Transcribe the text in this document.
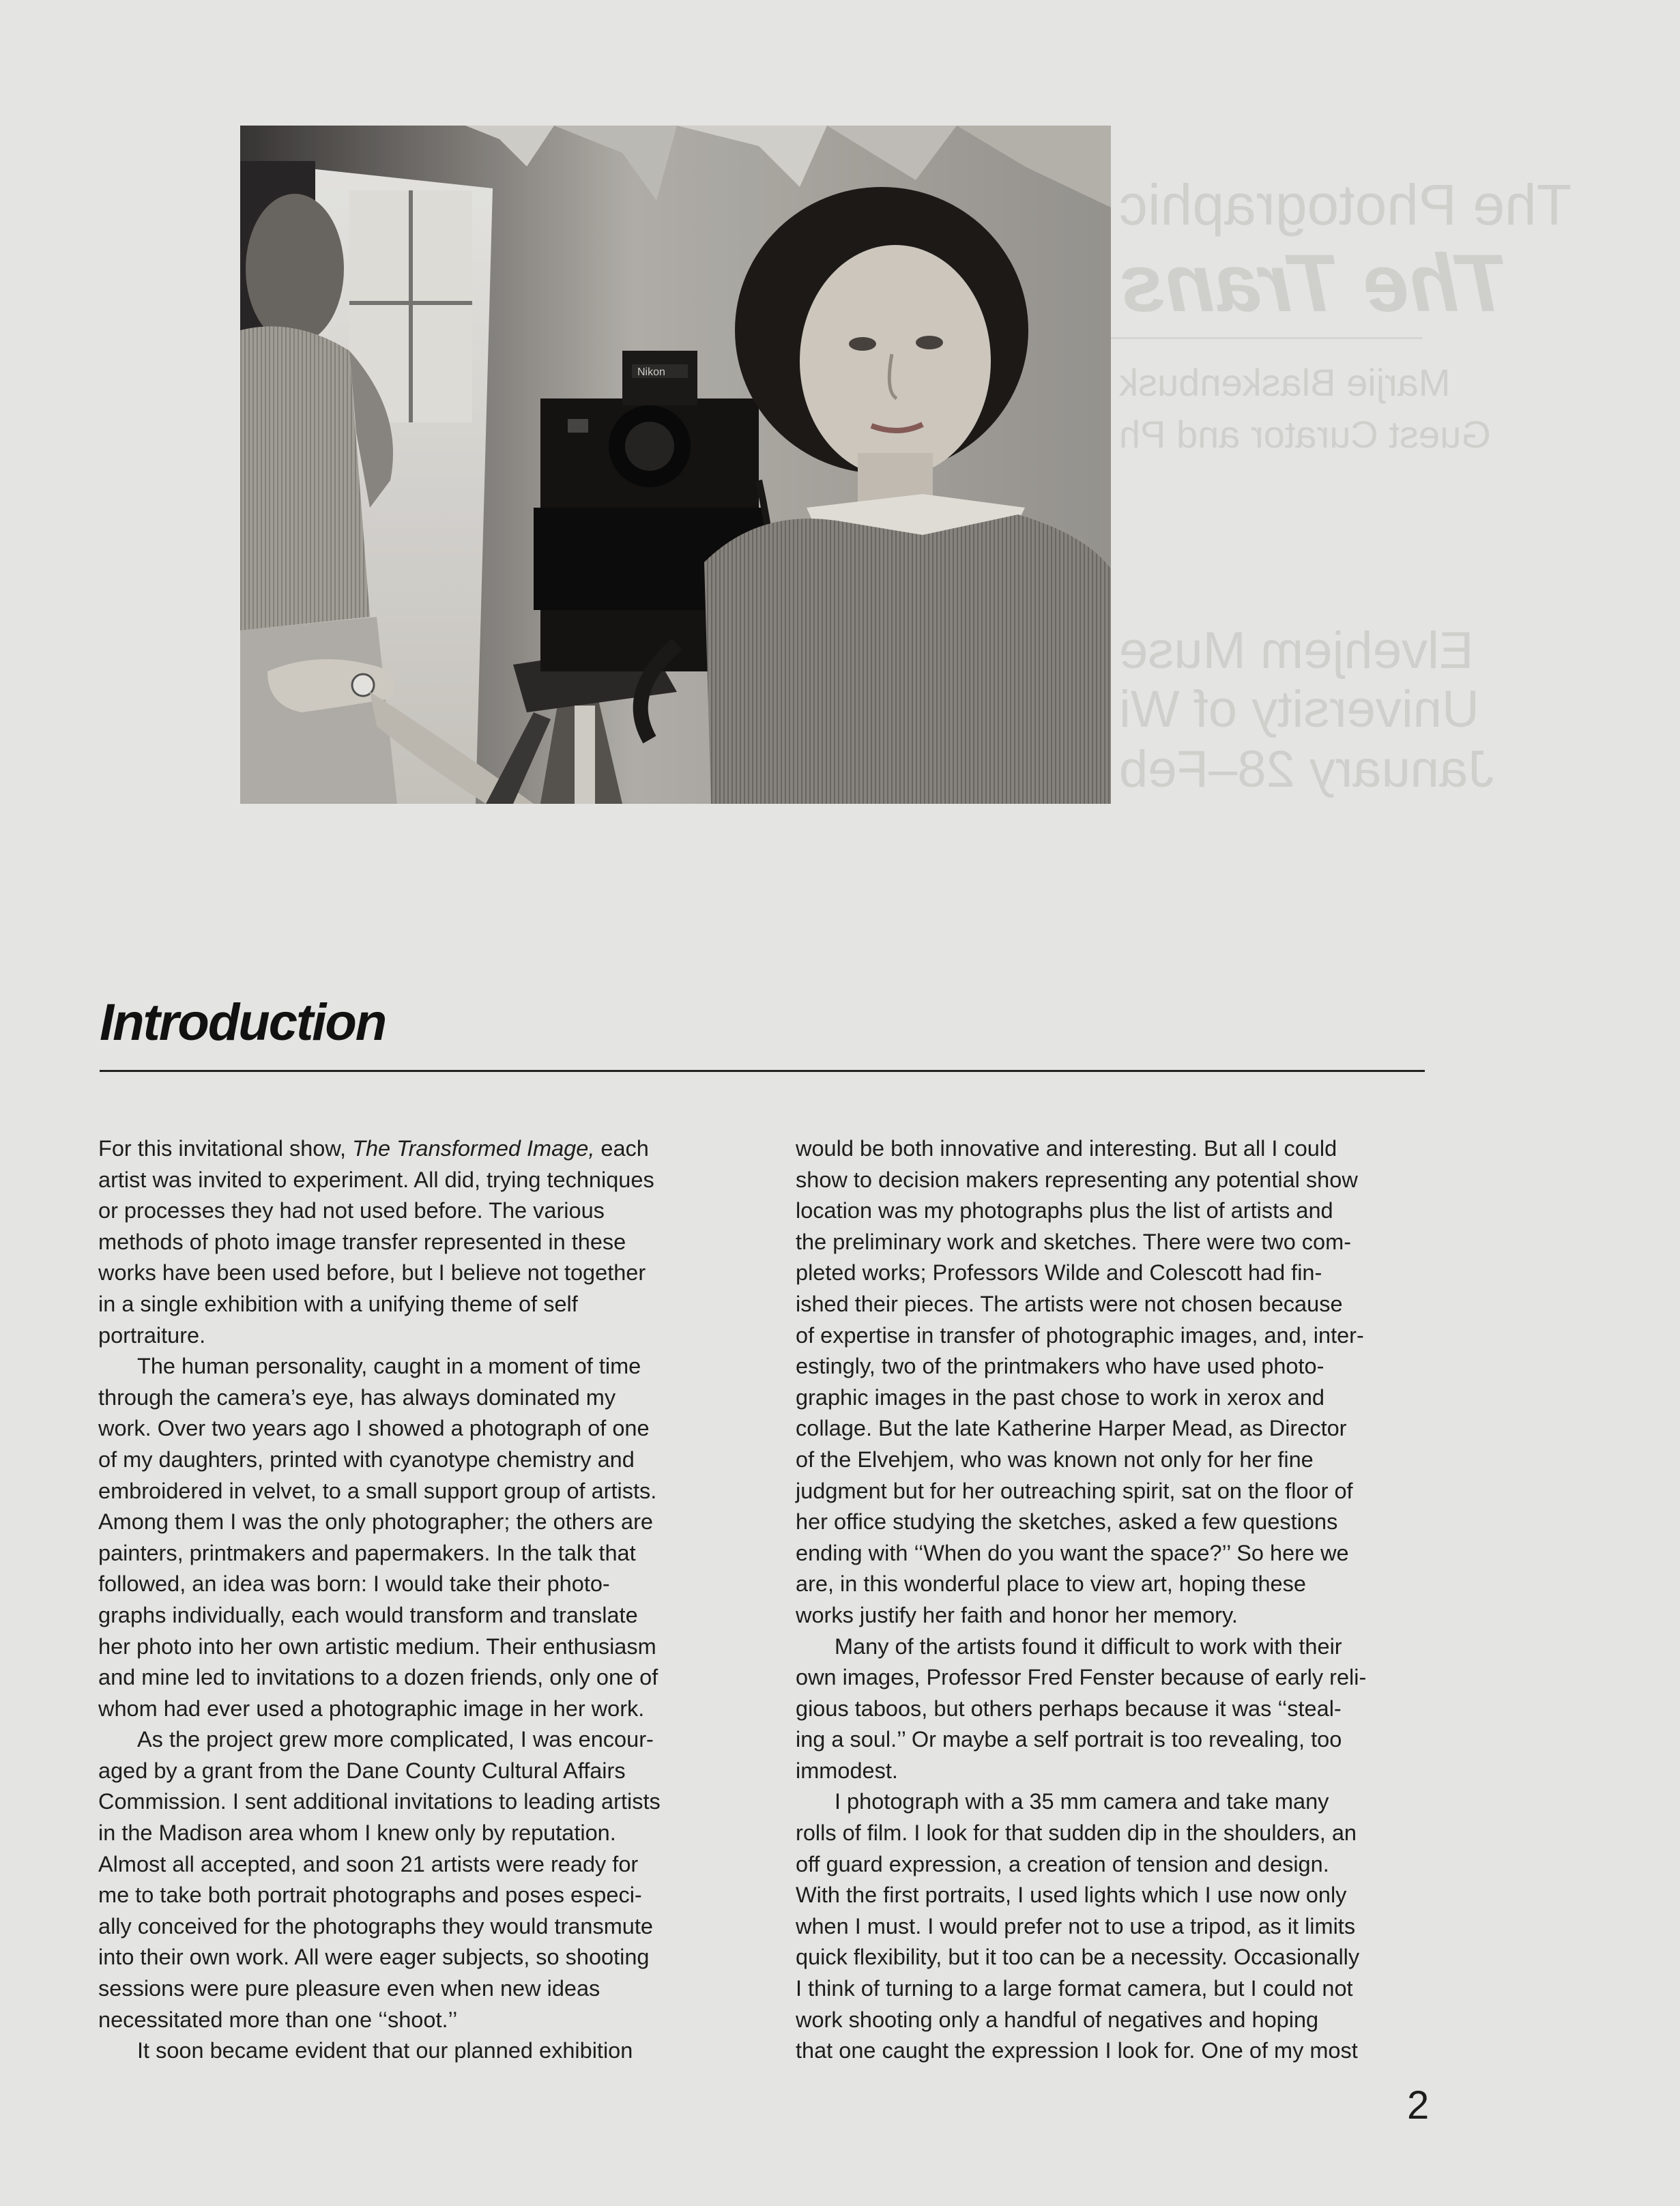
The Photographic
The Trans
Marjie Blaskenbusk
Guest Curator and Ph
Elvehjem Muse
University of Wi
January 28–Feb
Nikon
Introduction
For this invitational show, The Transformed Image, each
artist was invited to experiment. All did, trying techniques
or processes they had not used before. The various
methods of photo image transfer represented in these
works have been used before, but I believe not together
in a single exhibition with a unifying theme of self
portraiture.
The human personality, caught in a moment of time
through the camera’s eye, has always dominated my
work. Over two years ago I showed a photograph of one
of my daughters, printed with cyanotype chemistry and
embroidered in velvet, to a small support group of artists.
Among them I was the only photographer; the others are
painters, printmakers and papermakers. In the talk that
followed, an idea was born: I would take their photo-
graphs individually, each would transform and translate
her photo into her own artistic medium. Their enthusiasm
and mine led to invitations to a dozen friends, only one of
whom had ever used a photographic image in her work.
As the project grew more complicated, I was encour-
aged by a grant from the Dane County Cultural Affairs
Commission. I sent additional invitations to leading artists
in the Madison area whom I knew only by reputation.
Almost all accepted, and soon 21 artists were ready for
me to take both portrait photographs and poses especi-
ally conceived for the photographs they would transmute
into their own work. All were eager subjects, so shooting
sessions were pure pleasure even when new ideas
necessitated more than one ‘‘shoot.’’
It soon became evident that our planned exhibition
would be both innovative and interesting. But all I could
show to decision makers representing any potential show
location was my photographs plus the list of artists and
the preliminary work and sketches. There were two com-
pleted works; Professors Wilde and Colescott had fin-
ished their pieces. The artists were not chosen because
of expertise in transfer of photographic images, and, inter-
estingly, two of the printmakers who have used photo-
graphic images in the past chose to work in xerox and
collage. But the late Katherine Harper Mead, as Director
of the Elvehjem, who was known not only for her fine
judgment but for her outreaching spirit, sat on the floor of
her office studying the sketches, asked a few questions
ending with ‘‘When do you want the space?’’ So here we
are, in this wonderful place to view art, hoping these
works justify her faith and honor her memory.
Many of the artists found it difficult to work with their
own images, Professor Fred Fenster because of early reli-
gious taboos, but others perhaps because it was ‘‘steal-
ing a soul.’’ Or maybe a self portrait is too revealing, too
immodest.
I photograph with a 35 mm camera and take many
rolls of film. I look for that sudden dip in the shoulders, an
off guard expression, a creation of tension and design.
With the first portraits, I used lights which I use now only
when I must. I would prefer not to use a tripod, as it limits
quick flexibility, but it too can be a necessity. Occasionally
I think of turning to a large format camera, but I could not
work shooting only a handful of negatives and hoping
that one caught the expression I look for. One of my most
2
